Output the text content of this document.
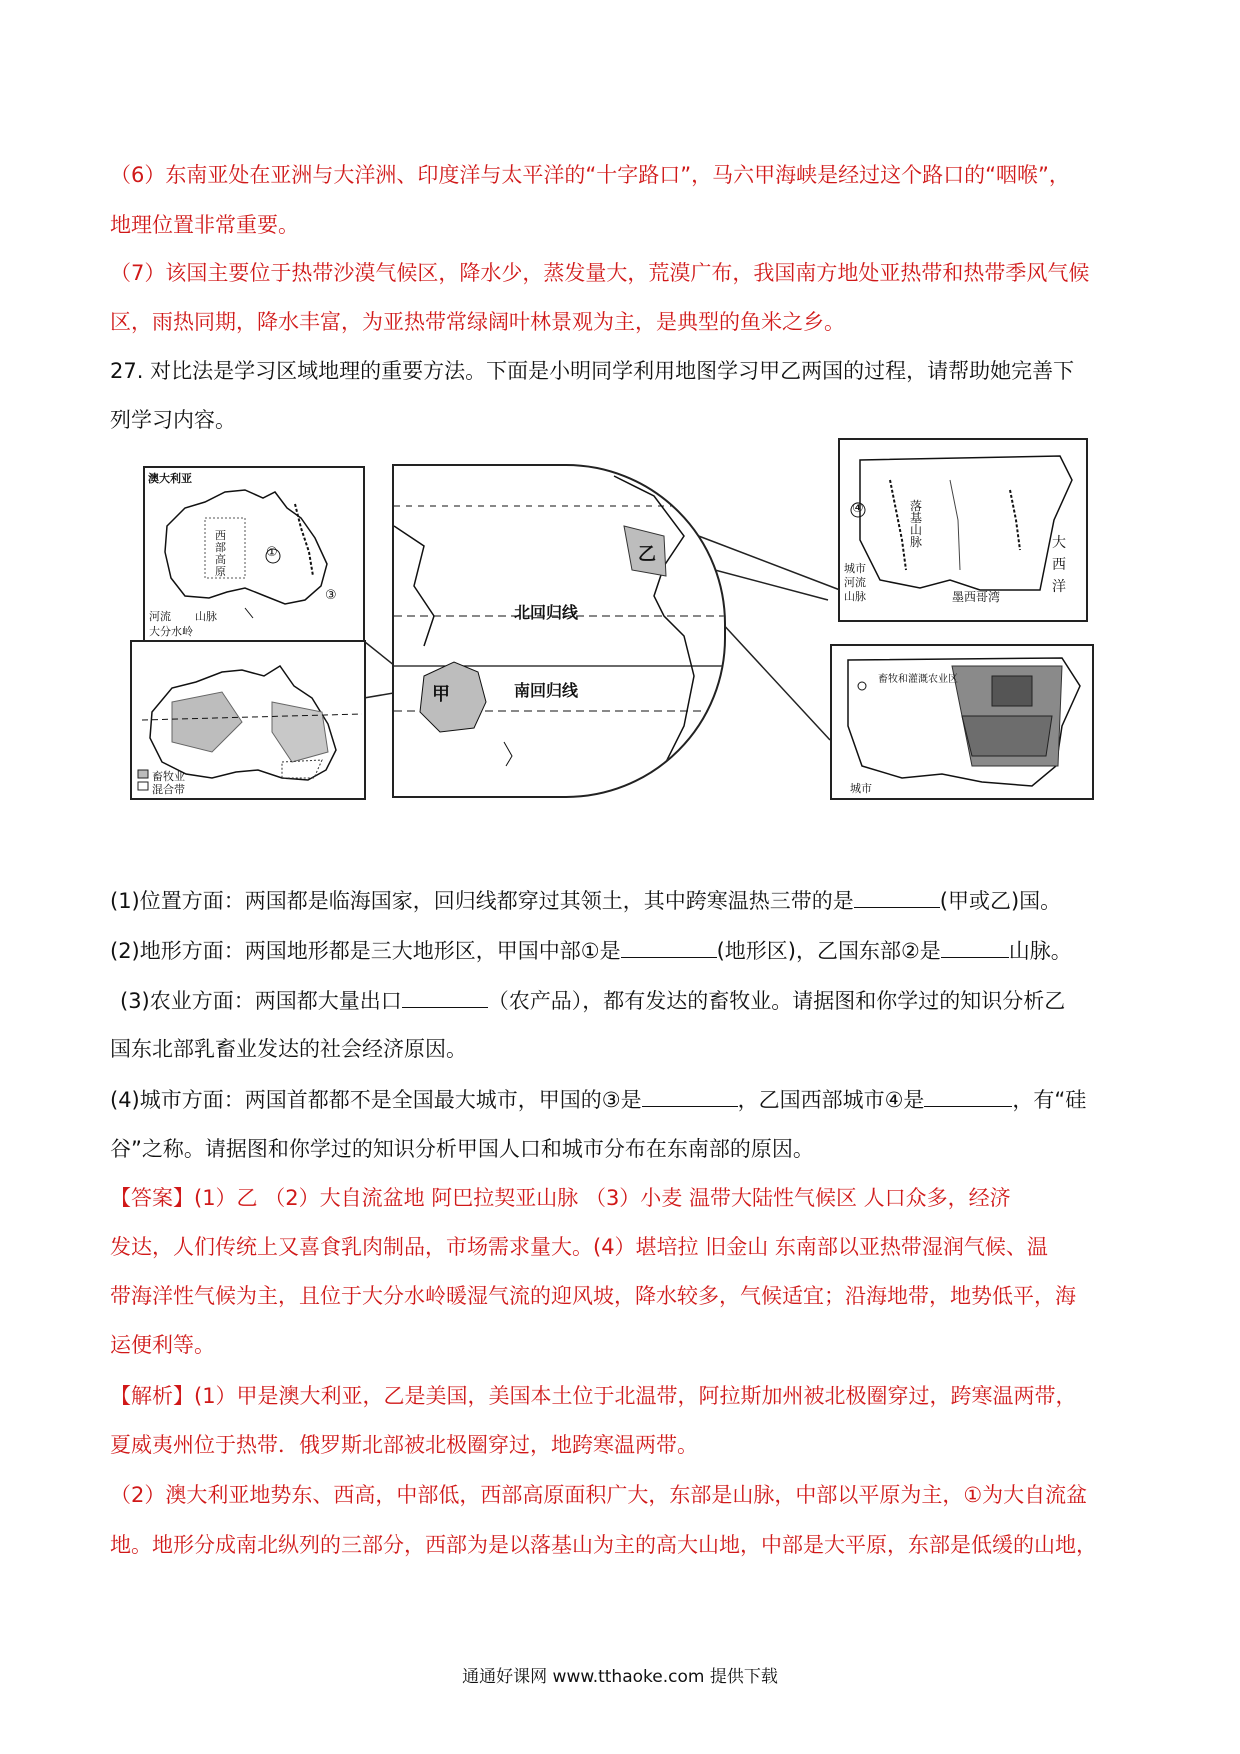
（6）东南亚处在亚洲与大洋洲、印度洋与太平洋的“十字路口”，马六甲海峡是经过这个路口的“咽喉”，
地理位置非常重要。
（7）该国主要位于热带沙漠气候区，降水少，蒸发量大，荒漠广布，我国南方地处亚热带和热带季风气候
区，雨热同期，降水丰富，为亚热带常绿阔叶林景观为主，是典型的鱼米之乡。
27. 对比法是学习区域地理的重要方法。下面是小明同学利用地图学习甲乙两国的过程，请帮助她完善下
列学习内容。
澳大利亚
西部高原
①
③
河流 山脉
大分水岭
畜牧业
混合带
甲
乙
北回归线
南回归线
落基山脉	大西洋
墨西哥湾
④
城市
河流
山脉
畜牧和灌溉农业区
城市
(1)位置方面：两国都是临海国家，回归线都穿过其领土，其中跨寒温热三带的是	(甲或乙)国。
(2)地形方面：两国地形都是三大地形区，甲国中部①是	(地形区)，乙国东部②是	山脉。
(3)农业方面：两国都大量出口	（农产品），都有发达的畜牧业。请据图和你学过的知识分析乙
国东北部乳畜业发达的社会经济原因。
(4)城市方面：两国首都都不是全国最大城市，甲国的③是	，乙国西部城市④是	，有“硅
谷”之称。请据图和你学过的知识分析甲国人口和城市分布在东南部的原因。
【答案】(1）乙 （2）大自流盆地 阿巴拉契亚山脉 （3）小麦 温带大陆性气候区 人口众多，经济
发达，人们传统上又喜食乳肉制品，市场需求量大。(4）堪培拉 旧金山 东南部以亚热带湿润气候、温
带海洋性气候为主，且位于大分水岭暖湿气流的迎风坡，降水较多，气候适宜；沿海地带，地势低平，海
运便利等。
【解析】(1）甲是澳大利亚，乙是美国，美国本土位于北温带，阿拉斯加州被北极圈穿过，跨寒温两带，
夏威夷州位于热带．俄罗斯北部被北极圈穿过，地跨寒温两带。
（2）澳大利亚地势东、西高，中部低，西部高原面积广大，东部是山脉，中部以平原为主，①为大自流盆
地。地形分成南北纵列的三部分，西部为是以落基山为主的高大山地，中部是大平原，东部是低缓的山地，
通通好课网 www.tthaoke.com 提供下载
